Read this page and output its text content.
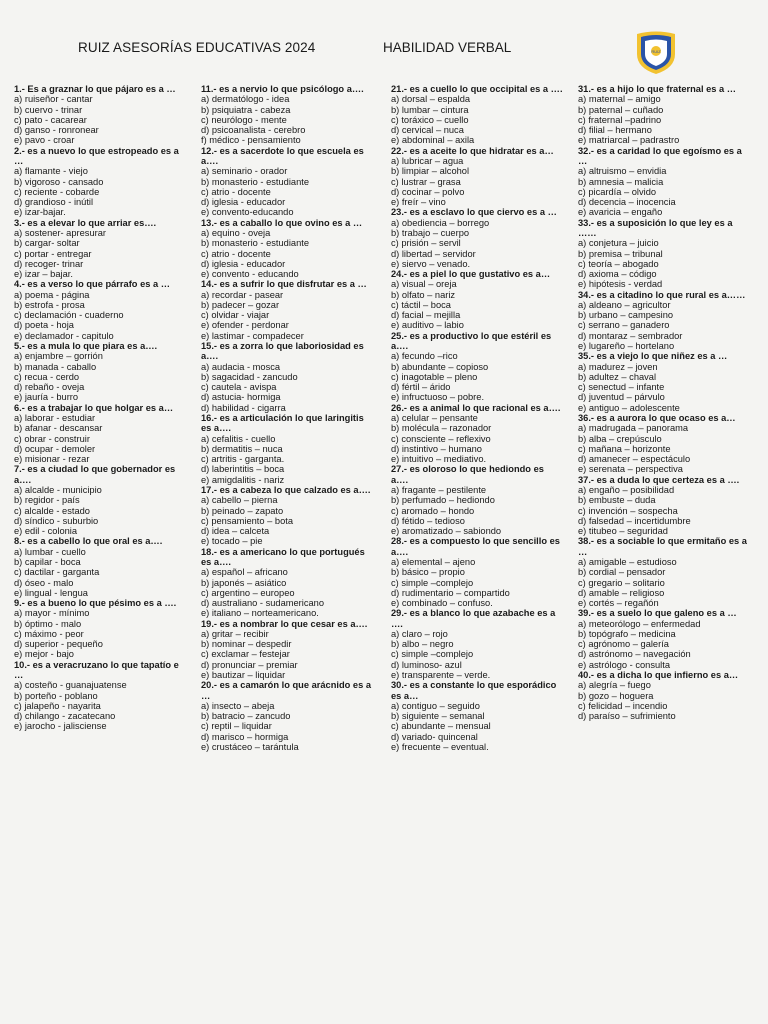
RUIZ ASESORÍAS EDUCATIVAS 2024	HABILIDAD VERBAL	RUIZ
1.- Es a graznar lo que pájaro es a …
a) ruiseñor - cantar
b) cuervo - trinar
c) pato - cacarear
d) ganso - ronronear
e) pavo - croar
2.- es a nuevo lo que estropeado es a …
a) flamante - viejo
b) vigoroso - cansado
c) reciente - cobarde
d) grandioso - inútil
e) izar-bajar.
3.- es a elevar lo que arriar es….
a) sostener- apresurar
b) cargar- soltar
c) portar - entregar
d) recoger- trinar
e) izar – bajar.
4.- es a verso lo que párrafo es a …
a) poema - página
b) estrofa - prosa
c) declamación - cuaderno
d) poeta - hoja
e) declamador - capitulo
5.- es a mula lo que piara es a….
a) enjambre – gorrión
b) manada - caballo
c) recua - cerdo
d) rebaño - oveja
e) jauría - burro
6.- es a trabajar lo que holgar es a…
a) laborar - estudiar
b) afanar - descansar
c) obrar - construir
d) ocupar - demoler
e) misionar - rezar
7.- es a ciudad lo que gobernador es a….
a) alcalde - municipio
b) regidor - país
c) alcalde - estado
d) síndico - suburbio
e) edil - colonia
8.- es a cabello lo que oral es a….
a) lumbar - cuello
b) capilar - boca
c) dactilar - garganta
d) óseo - malo
e) lingual - lengua
9.- es a bueno lo que pésimo es a ….
a) mayor - mínimo
b) óptimo - malo
c) máximo - peor
d) superior - pequeño
e) mejor - bajo
10.- es a veracruzano lo que tapatío e …
a) costeño - guanajuatense
b) porteño - poblano
c) jalapeño - nayarita
d) chilango - zacatecano
e) jarocho - jalisciense
11.- es a nervio lo que psicólogo a….
a) dermatólogo - idea
b) psiquiatra - cabeza
c) neurólogo - mente
d) psicoanalista - cerebro
f) médico - pensamiento
12.- es a sacerdote lo que escuela es a….
a) seminario - orador
b) monasterio - estudiante
c) atrio - docente
d) iglesia - educador
e) convento-educando
13.- es a caballo lo que ovino es a …
a) equino - oveja
b) monasterio - estudiante
c) atrio - docente
d) iglesia - educador
e) convento - educando
14.- es a sufrir lo que disfrutar es a …
a) recordar - pasear
b) padecer – gozar
c) olvidar - viajar
e) ofender - perdonar
e) lastimar - compadecer
15.- es a zorra lo que laboriosidad es a….
a) audacia - mosca
b) sagacidad - zancudo
c) cautela - avispa
d) astucia- hormiga
d) habilidad - cigarra
16.- es a articulación lo que laringitis es a….
a) cefalitis - cuello
b) dermatitis – nuca
c) artritis - garganta.
d) laberintitis – boca
e) amigdalitis - nariz
17.- es a cabeza lo que calzado es a….
a) cabello – pierna
b) peinado – zapato
c) pensamiento – bota
d) idea – calceta
e) tocado – pie
18.- es a americano lo que portugués es a….
a) español – africano
b) japonés – asiático
c) argentino – europeo
d) australiano - sudamericano
e) italiano – norteamericano.
19.- es a nombrar lo que cesar es a….
a) gritar – recibir
b) nominar – despedir
c) exclamar – festejar
d) pronunciar – premiar
e) bautizar – liquidar
20.- es a camarón lo que arácnido es a …
a) insecto – abeja
b) batracio – zancudo
c) reptil – liquidar
d) marisco – hormiga
e) crustáceo – tarántula
21.- es a cuello lo que occipital es a ….
a) dorsal – espalda
b) lumbar – cintura
c) toráxico – cuello
d) cervical – nuca
e) abdominal – axila
22.- es a aceite lo que hidratar es a…
a) lubricar – agua
b) limpiar – alcohol
c) lustrar – grasa
d) cocinar – polvo
e) freír – vino
23.- es a esclavo lo que ciervo es a …
a) obediencia – borrego
b) trabajo – cuerpo
c) prisión – servil
d) libertad – servidor
e) siervo – venado.
24.- es a piel lo que gustativo es a…
a) visual – oreja
b) olfato – nariz
c) táctil – boca
d) facial – mejilla
e) auditivo – labio
25.- es a productivo lo que estéril es a….
a) fecundo –rico
b) abundante – copioso
c) inagotable – pleno
d) fértil – árido
e) infructuoso – pobre.
26.- es a animal lo que racional es a….
a) celular – pensante
b) molécula – razonador
c) consciente – reflexivo
d) instintivo – humano
e) intuitivo – mediativo.
27.- es oloroso lo que hediondo es a….
a) fragante – pestilente
b) perfumado – hediondo
c) aromado – hondo
d) fétido – tedioso
e) aromatizado – sabiondo
28.- es a compuesto lo que sencillo es a….
a) elemental – ajeno
b) básico – propio
c) simple –complejo
d) rudimentario – compartido
e) combinado – confuso.
29.- es a blanco lo que azabache es a ….
a) claro – rojo
b) albo – negro
c) simple –complejo
d) luminoso- azul
e) transparente – verde.
30.- es a constante lo que esporádico es a…
a) contiguo – seguido
b) siguiente – semanal
c) abundante – mensual
d) variado- quincenal
e) frecuente – eventual.
31.- es a hijo lo que fraternal es a …
a) maternal – amigo
b) paternal – cuñado
c) fraternal –padrino
d) filial – hermano
e) matriarcal – padrastro
32.- es a caridad lo que egoísmo es a …
a) altruismo – envidia
b) amnesia – malicia
c) picardía – olvido
d) decencia – inocencia
e) avaricia – engaño
33.- es a suposición lo que ley es a ……
a) conjetura – juicio
b) premisa – tribunal
c) teoría – abogado
d) axioma – código
e) hipótesis - verdad
34.- es a citadino lo que rural es a……
a) aldeano – agricultor
b) urbano – campesino
c) serrano – ganadero
d) montaraz – sembrador
e) lugareño – hortelano
35.- es a viejo lo que niñez es a …
a) madurez – joven
b) adultez – chaval
c) senectud – infante
d) juventud – párvulo
e) antiguo – adolescente
36.- es a aurora lo que ocaso es a…
a) madrugada – panorama
b) alba – crepúsculo
c) mañana – horizonte
d) amanecer – espectáculo
e) serenata – perspectiva
37.- es a duda lo que certeza es a ….
a) engaño – posibilidad
b) embuste – duda
c) invención – sospecha
d) falsedad – incertidumbre
e) titubeo – seguridad
38.- es a sociable lo que ermitaño es a …
a) amigable – estudioso
b) cordial – pensador
c) gregario – solitario
d) amable – religioso
e) cortés – regañón
39.- es a suelo lo que galeno es a …
a) meteorólogo – enfermedad
b) topógrafo – medicina
c) agrónomo – galería
d) astrónomo – navegación
e) astrólogo - consulta
40.- es a dicha lo que infierno es a…
a) alegría – fuego
b) gozo – hoguera
c) felicidad – incendio
d) paraíso – sufrimiento
